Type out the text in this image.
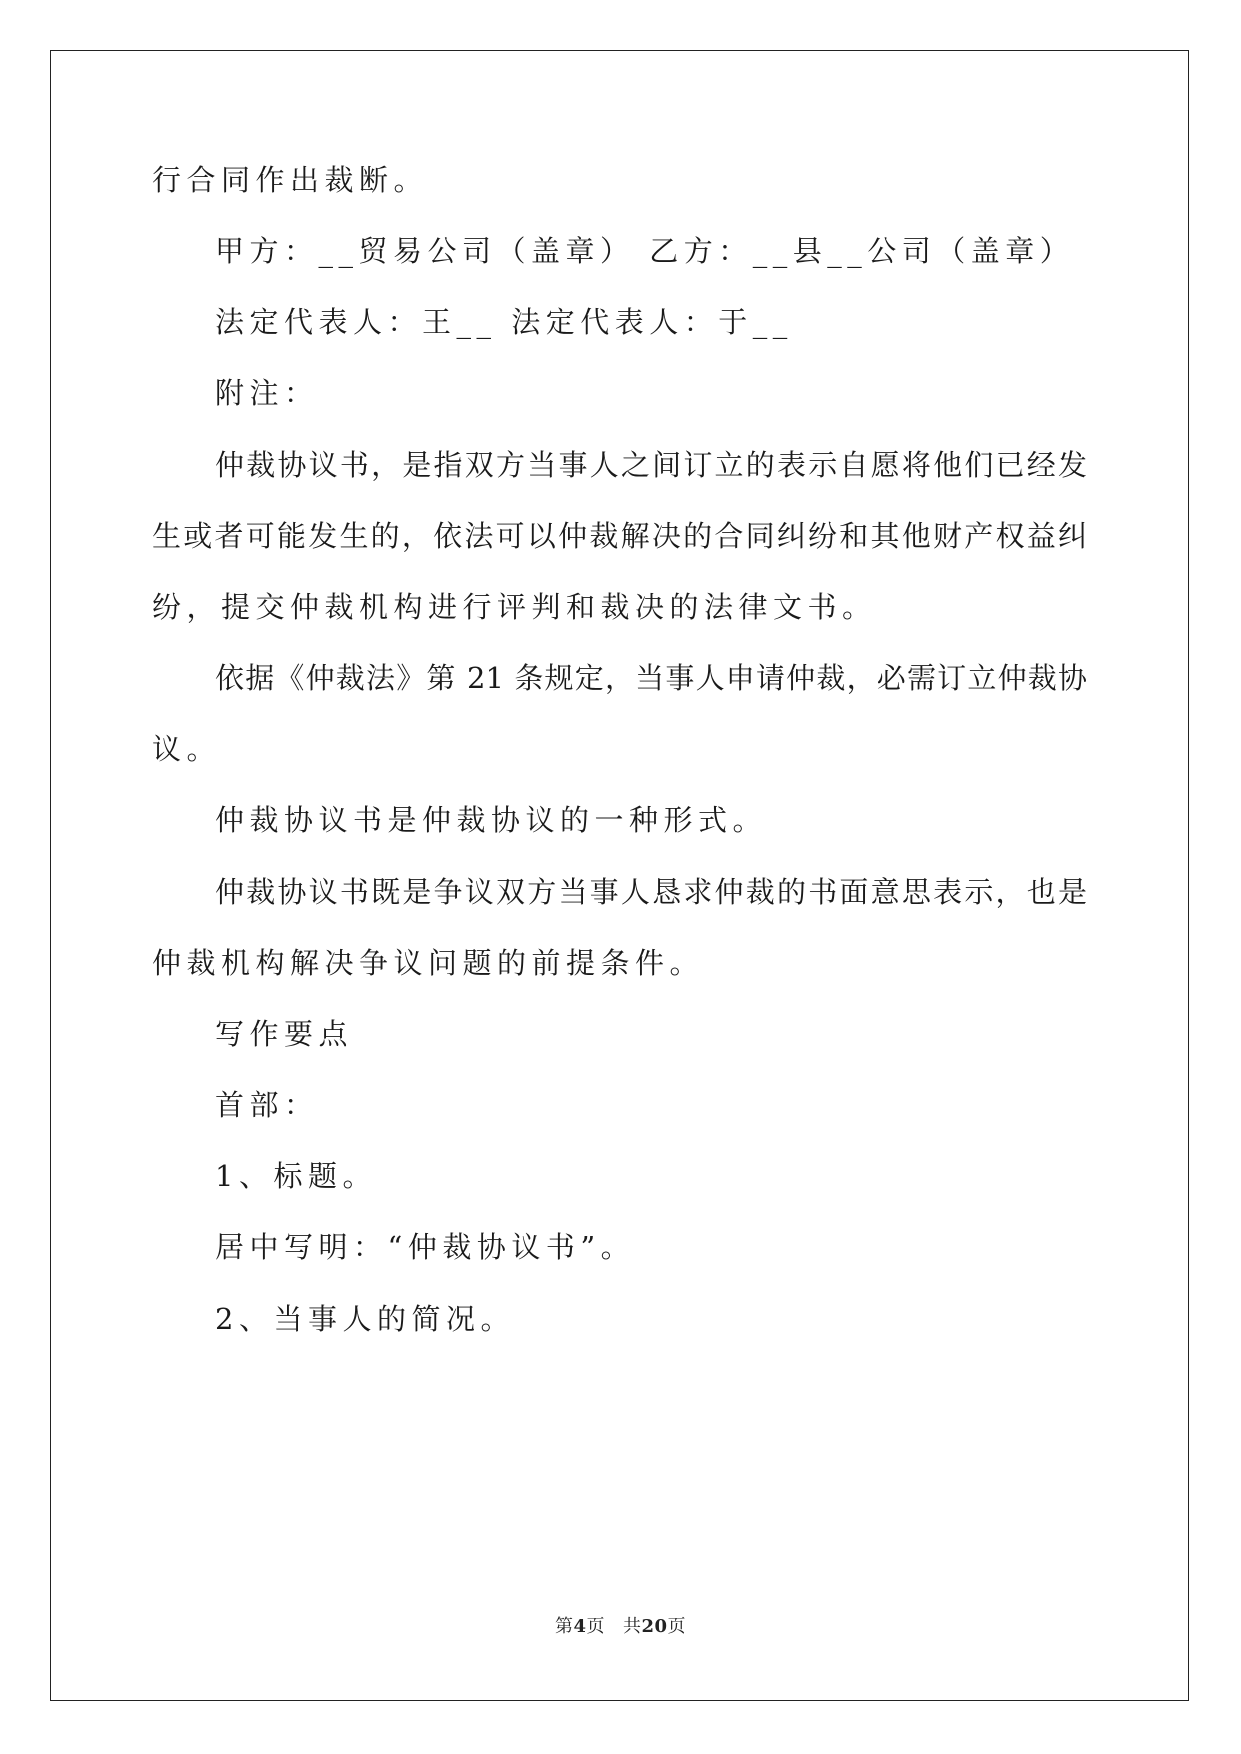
行合同作出裁断。
甲方：__贸易公司（盖章） 乙方：__县__公司（盖章）
法定代表人：王__ 法定代表人：于__
附注：
仲裁协议书，是指双方当事人之间订立的表示自愿将他们已经发
生或者可能发生的，依法可以仲裁解决的合同纠纷和其他财产权益纠
纷，提交仲裁机构进行评判和裁决的法律文书。
依据《仲裁法》第 21 条规定，当事人申请仲裁，必需订立仲裁协
议。
仲裁协议书是仲裁协议的一种形式。
仲裁协议书既是争议双方当事人恳求仲裁的书面意思表示，也是
仲裁机构解决争议问题的前提条件。
写作要点
首部：
1、标题。
居中写明：“仲裁协议书”。
2、当事人的简况。
第4页 共20页
